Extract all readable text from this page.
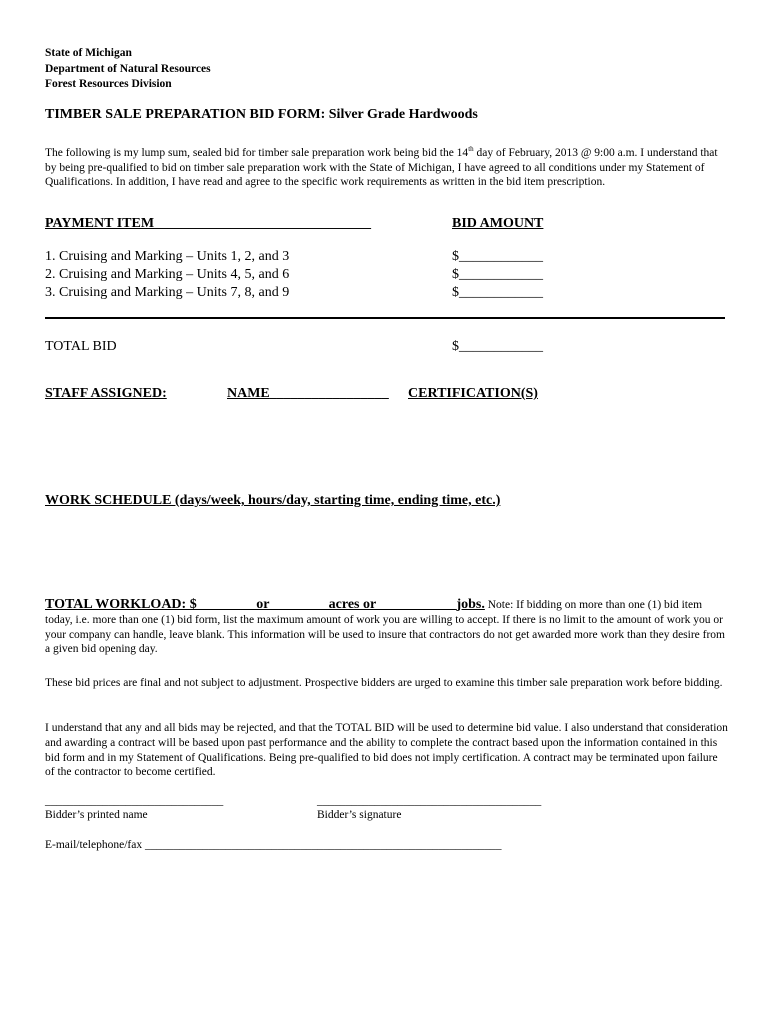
State of Michigan
Department of Natural Resources
Forest Resources Division
TIMBER SALE PREPARATION BID FORM: Silver Grade Hardwoods
The following is my lump sum, sealed bid for timber sale preparation work being bid the 14th day of February, 2013 @ 9:00 a.m. I understand that by being pre-qualified to bid on timber sale preparation work with the State of Michigan, I have agreed to all conditions under my Statement of Qualifications. In addition, I have read and agree to the specific work requirements as written in the bid item prescription.
PAYMENT ITEM_______________________________	BID AMOUNT
1. Cruising and Marking – Units 1, 2, and 3	$____________
2. Cruising and Marking – Units 4, 5, and 6	$____________
3. Cruising and Marking – Units 7, 8, and 9	$____________
TOTAL BID	$____________
STAFF ASSIGNED:	NAME_________________ CERTIFICATION(S)
WORK SCHEDULE (days/week, hours/day, starting time, ending time, etc.)
TOTAL WORKLOAD: $________ or ________acres or ___________jobs. Note: If bidding on more than one (1) bid item today, i.e. more than one (1) bid form, list the maximum amount of work you are willing to accept. If there is no limit to the amount of work you or your company can handle, leave blank. This information will be used to insure that contractors do not get awarded more work than they desire from a given bid opening day.
These bid prices are final and not subject to adjustment. Prospective bidders are urged to examine this timber sale preparation work before bidding.
I understand that any and all bids may be rejected, and that the TOTAL BID will be used to determine bid value. I also understand that consideration and awarding a contract will be based upon past performance and the ability to complete the contract based upon the information contained in this bid form and in my Statement of Qualifications. Being pre-qualified to bid does not imply certification. A contract may be terminated upon failure of the contractor to become certified.
_______________________________
Bidder’s printed name
_______________________________________
Bidder’s signature
E-mail/telephone/fax ______________________________________________________________
